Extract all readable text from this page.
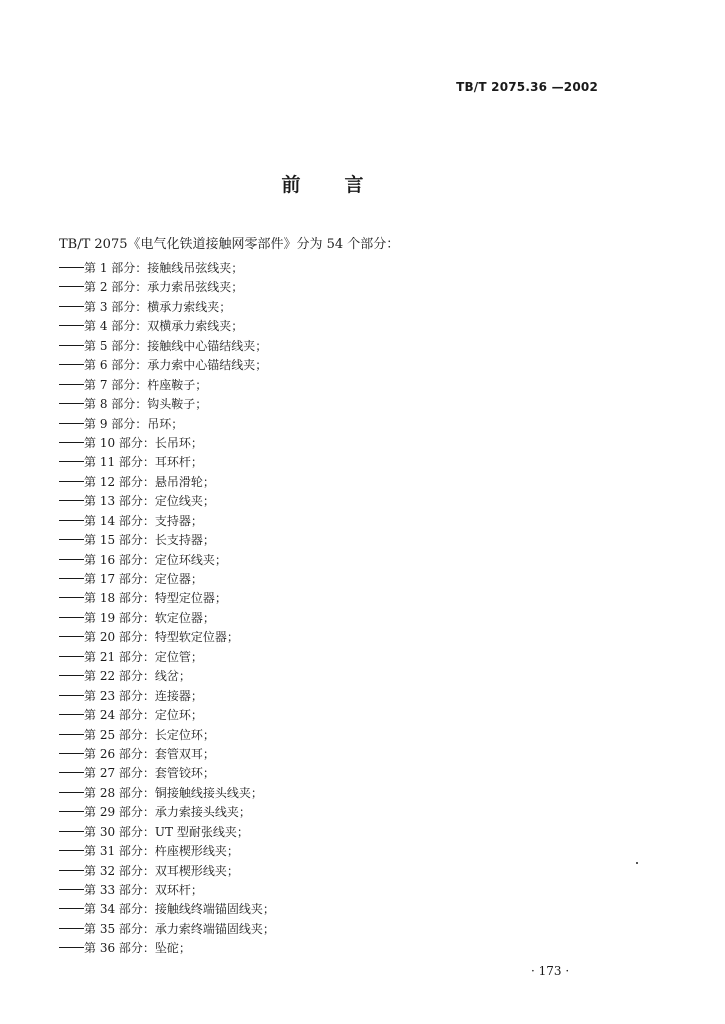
TB/T 2075.36 —2002
前言
TB/T 2075《电气化铁道接触网零部件》分为 54 个部分：
第 1 部分：接触线吊弦线夹；
第 2 部分：承力索吊弦线夹；
第 3 部分：横承力索线夹；
第 4 部分：双横承力索线夹；
第 5 部分：接触线中心锚结线夹；
第 6 部分：承力索中心锚结线夹；
第 7 部分：杵座鞍子；
第 8 部分：钩头鞍子；
第 9 部分：吊环；
第 10 部分：长吊环；
第 11 部分：耳环杆；
第 12 部分：悬吊滑轮；
第 13 部分：定位线夹；
第 14 部分：支持器；
第 15 部分：长支持器；
第 16 部分：定位环线夹；
第 17 部分：定位器；
第 18 部分：特型定位器；
第 19 部分：软定位器；
第 20 部分：特型软定位器；
第 21 部分：定位管；
第 22 部分：线岔；
第 23 部分：连接器；
第 24 部分：定位环；
第 25 部分：长定位环；
第 26 部分：套管双耳；
第 27 部分：套管铰环；
第 28 部分：铜接触线接头线夹；
第 29 部分：承力索接头线夹；
第 30 部分：UT 型耐张线夹；
第 31 部分：杵座楔形线夹；
第 32 部分：双耳楔形线夹；
第 33 部分：双环杆；
第 34 部分：接触线终端锚固线夹；
第 35 部分：承力索终端锚固线夹；
第 36 部分：坠砣；
· 173 ·
